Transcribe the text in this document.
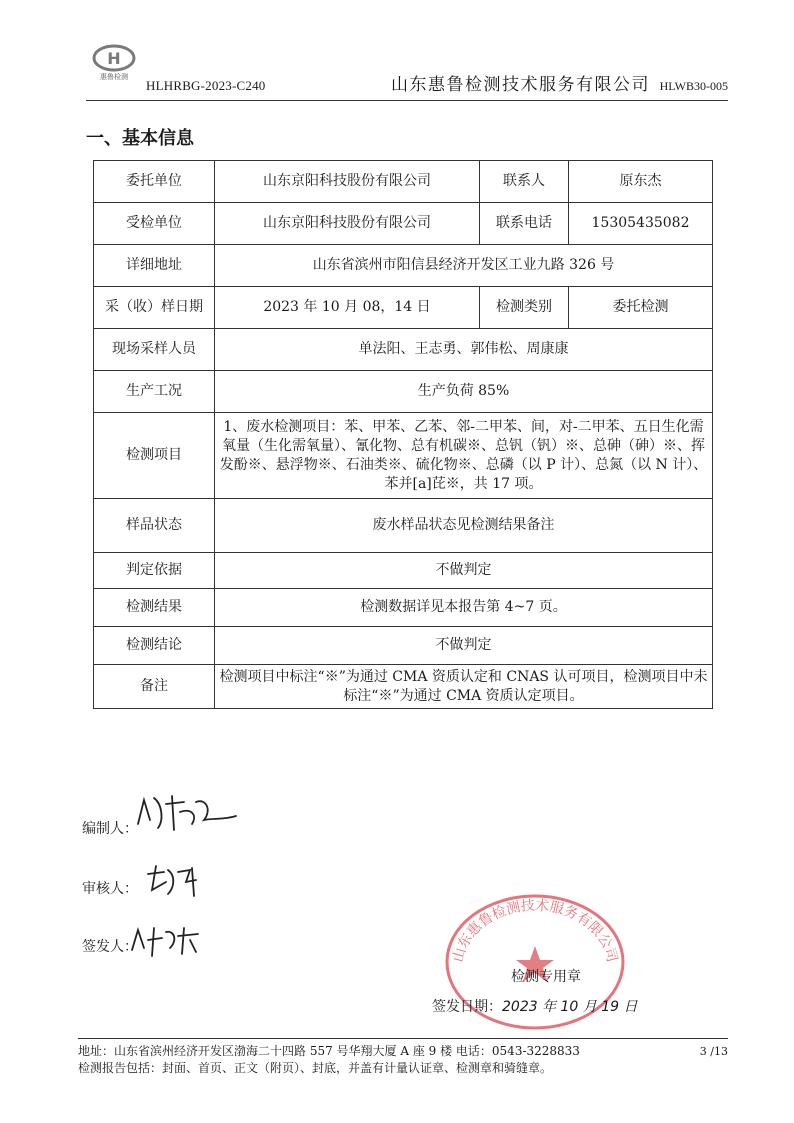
H
惠鲁检测
HLHRBG-2023-C240	山东惠鲁检测技术服务有限公司 HLWB30-005
一、基本信息
委托单位	山东京阳科技股份有限公司	联系人	原东杰
受检单位	山东京阳科技股份有限公司	联系电话	15305435082
详细地址	山东省滨州市阳信县经济开发区工业九路 326 号		
采（收）样日期	2023 年 10 月 08，14 日	检测类别	委托检测
现场采样人员	单法阳、王志勇、郭伟松、周康康		
生产工况	生产负荷 85%		
检测项目	1、废水检测项目：苯、甲苯、乙苯、邻-二甲苯、间，对-二甲苯、五日生化需氧量（生化需氧量）、氰化物、总有机碳※、总钒（钒）※、总砷（砷）※、挥发酚※、悬浮物※、石油类※、硫化物※、总磷（以 P 计）、总氮（以 N 计）、苯并[a]芘※，共 17 项。		
样品状态	废水样品状态见检测结果备注		
判定依据	不做判定		
检测结果	检测数据详见本报告第 4~7 页。		
检测结论	不做判定		
备注	检测项目中标注“※”为通过 CMA 资质认定和 CNAS 认可项目，检测项目中未标注“※”为通过 CMA 资质认定项目。		
编制人：
审核人：
签发人：	山东惠鲁检测技术服务有限公司
检测专用章
签发日期：2023 年 10 月 19 日
地址：山东省滨州经济开发区渤海二十四路 557 号华翔大厦 A 座 9 楼 电话：0543-3228833
检测报告包括：封面、首页、正文（附页）、封底，并盖有计量认证章、检测章和骑缝章。
3 /13
